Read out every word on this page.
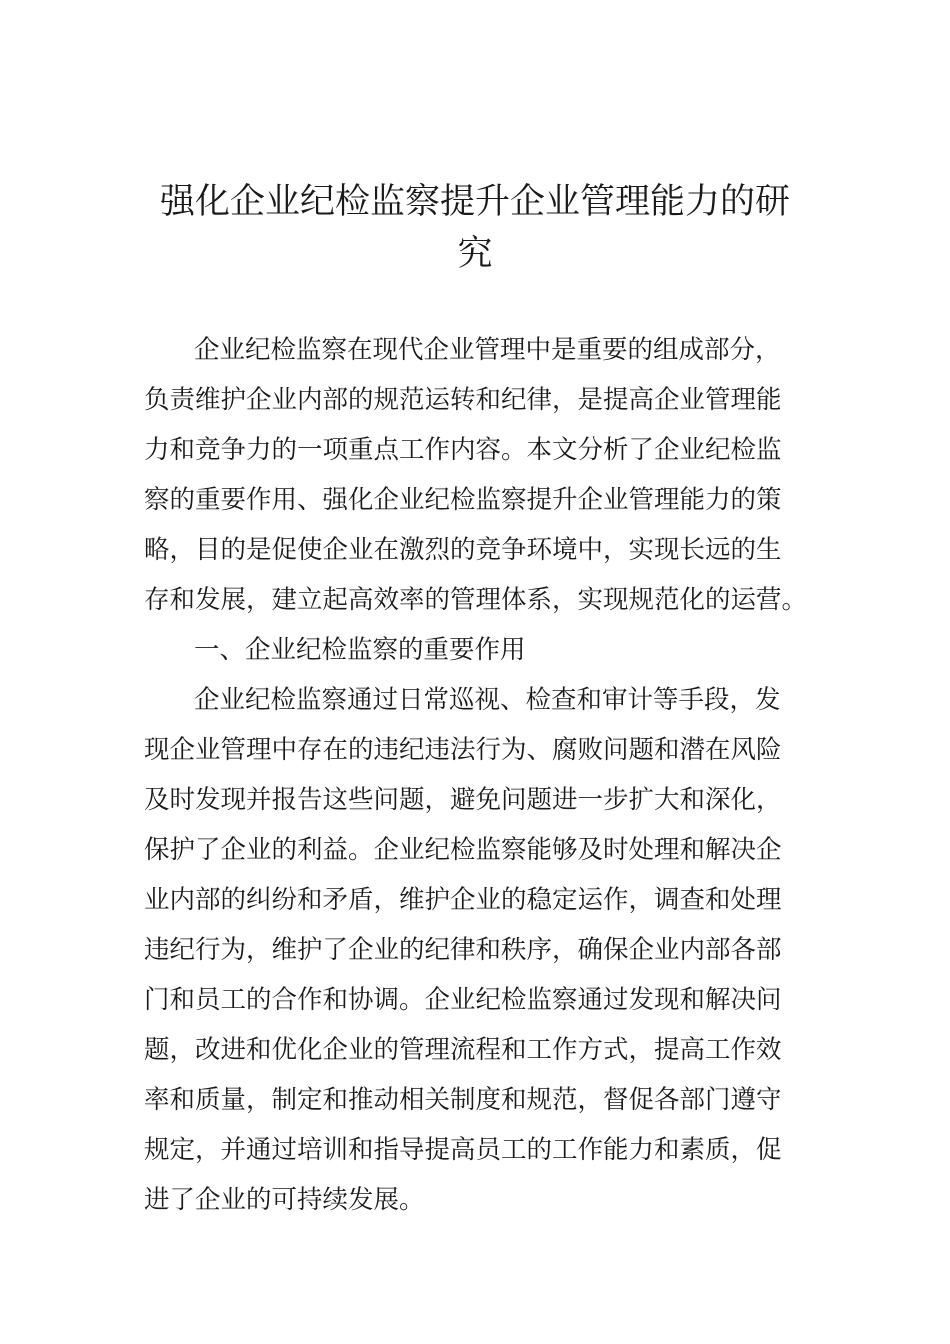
强化企业纪检监察提升企业管理能力的研
究

企业纪检监察在现代企业管理中是重要的组成部分，

负责维护企业内部的规范运转和纪律，是提高企业管理能

力和竞争力的一项重点工作内容。本文分析了企业纪检监

察的重要作用、强化企业纪检监察提升企业管理能力的策

略，目的是促使企业在激烈的竞争环境中，实现长远的生

存和发展，建立起高效率的管理体系，实现规范化的运营。

一、企业纪检监察的重要作用

企业纪检监察通过日常巡视、检查和审计等手段，发

现企业管理中存在的违纪违法行为、腐败问题和潜在风险

及时发现并报告这些问题，避免问题进一步扩大和深化，

保护了企业的利益。企业纪检监察能够及时处理和解决企

业内部的纠纷和矛盾，维护企业的稳定运作，调查和处理

违纪行为，维护了企业的纪律和秩序，确保企业内部各部

门和员工的合作和协调。企业纪检监察通过发现和解决问

题，改进和优化企业的管理流程和工作方式，提高工作效

率和质量，制定和推动相关制度和规范，督促各部门遵守

规定，并通过培训和指导提高员工的工作能力和素质，促

进了企业的可持续发展。
